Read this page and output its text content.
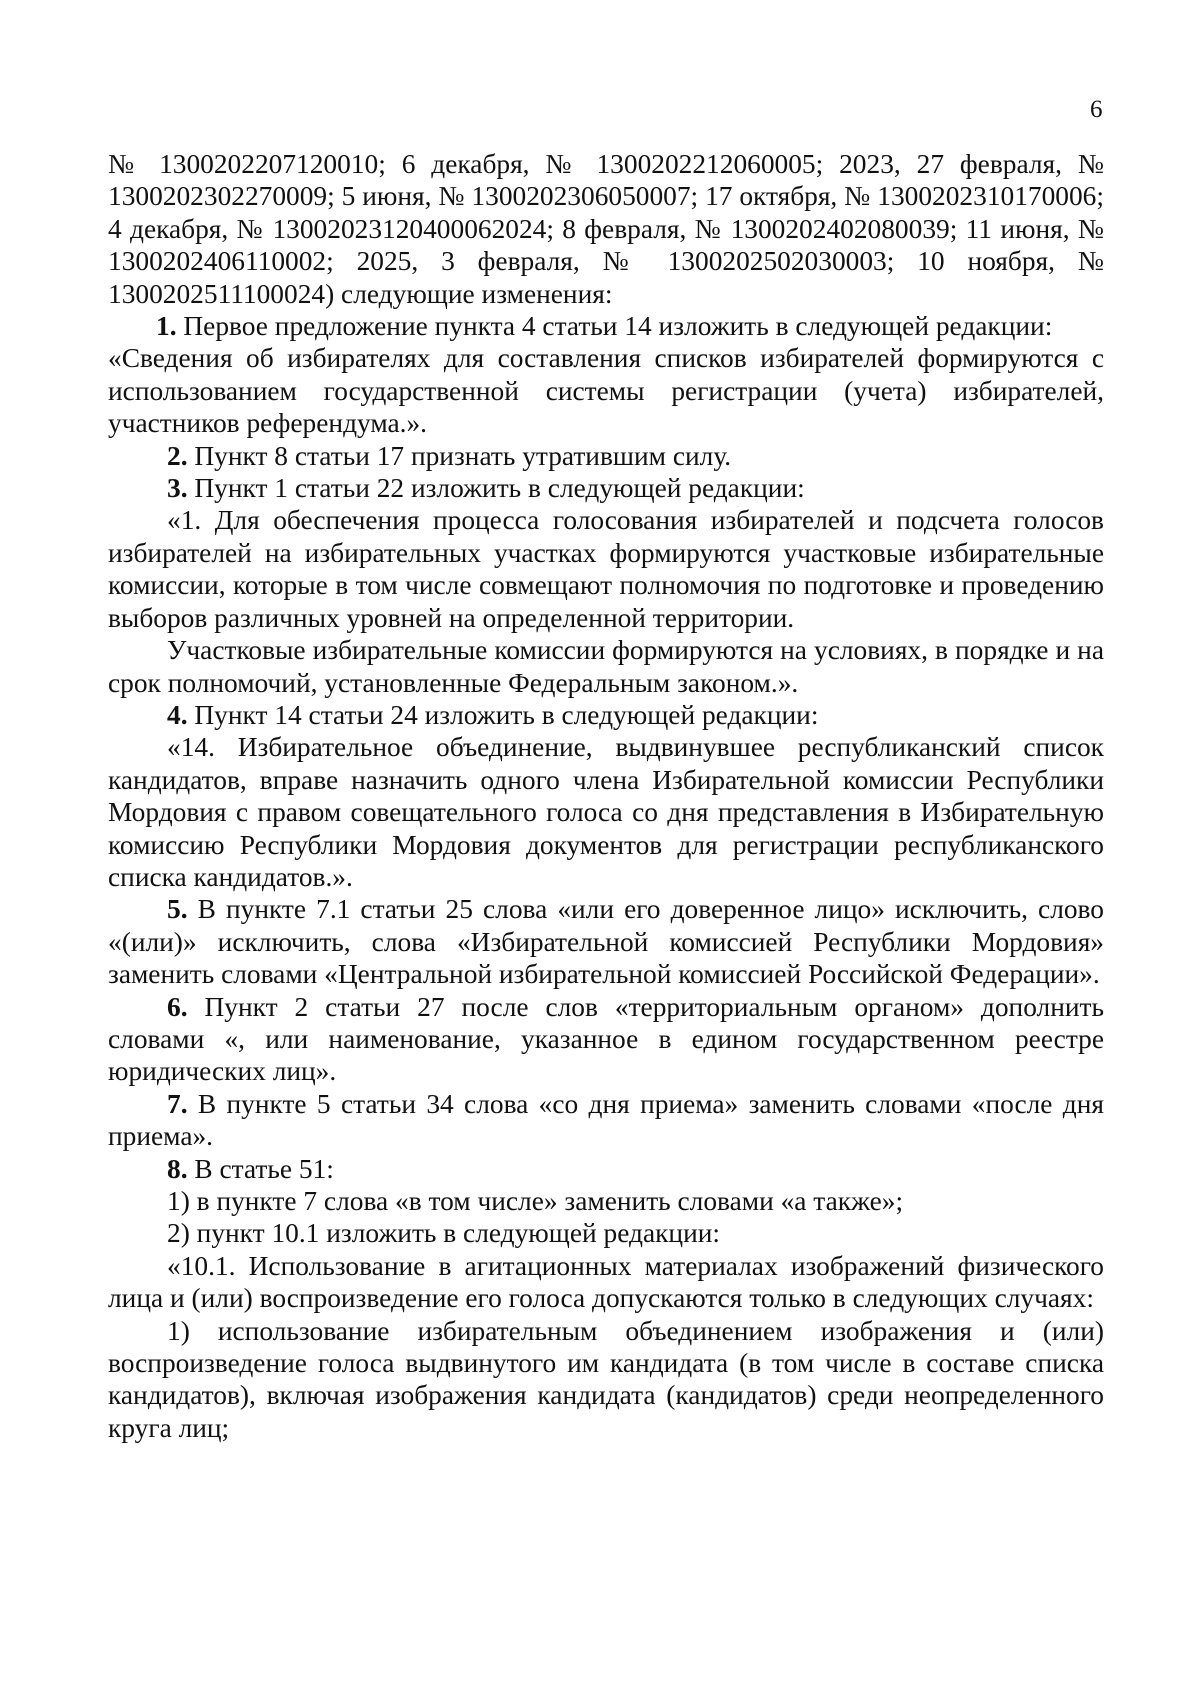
6

№ 1300202207120010; 6 декабря, № 1300202212060005; 2023, 27 февраля, № 1300202302270009; 5 июня, № 1300202306050007; 17 октября, № 1300202310170006; 4 декабря, № 13002023120400062024; 8 февраля, № 1300202402080039; 11 июня, № 1300202406110002; 2025, 3 февраля, № 1300202502030003; 10 ноября, № 1300202511100024) следующие изменения:

1. Первое предложение пункта 4 статьи 14 изложить в следующей редакции:

«Сведения об избирателях для составления списков избирателей формируются с использованием государственной системы регистрации (учета) избирателей, участников референдума.».

2. Пункт 8 статьи 17 признать утратившим силу.

3. Пункт 1 статьи 22 изложить в следующей редакции:

«1. Для обеспечения процесса голосования избирателей и подсчета голосов избирателей на избирательных участках формируются участковые избирательные комиссии, которые в том числе совмещают полномочия по подготовке и проведению выборов различных уровней на определенной территории.

Участковые избирательные комиссии формируются на условиях, в порядке и на срок полномочий, установленные Федеральным законом.».

4. Пункт 14 статьи 24 изложить в следующей редакции:

«14. Избирательное объединение, выдвинувшее республиканский список кандидатов, вправе назначить одного члена Избирательной комиссии Республики Мордовия с правом совещательного голоса со дня представления в Избирательную комиссию Республики Мордовия документов для регистрации республиканского списка кандидатов.».

5. В пункте 7.1 статьи 25 слова «или его доверенное лицо» исключить, слово «(или)» исключить, слова «Избирательной комиссией Республики Мордовия» заменить словами «Центральной избирательной комиссией Российской Федерации».

6. Пункт 2 статьи 27 после слов «территориальным органом» дополнить словами «, или наименование, указанное в едином государственном реестре юридических лиц».

7. В пункте 5 статьи 34 слова «со дня приема» заменить словами «после дня приема».

8. В статье 51:

1) в пункте 7 слова «в том числе» заменить словами «а также»;

2) пункт 10.1 изложить в следующей редакции:

«10.1. Использование в агитационных материалах изображений физического лица и (или) воспроизведение его голоса допускаются только в следующих случаях:

1) использование избирательным объединением изображения и (или) воспроизведение голоса выдвинутого им кандидата (в том числе в составе списка кандидатов), включая изображения кандидата (кандидатов) среди неопределенного круга лиц;
